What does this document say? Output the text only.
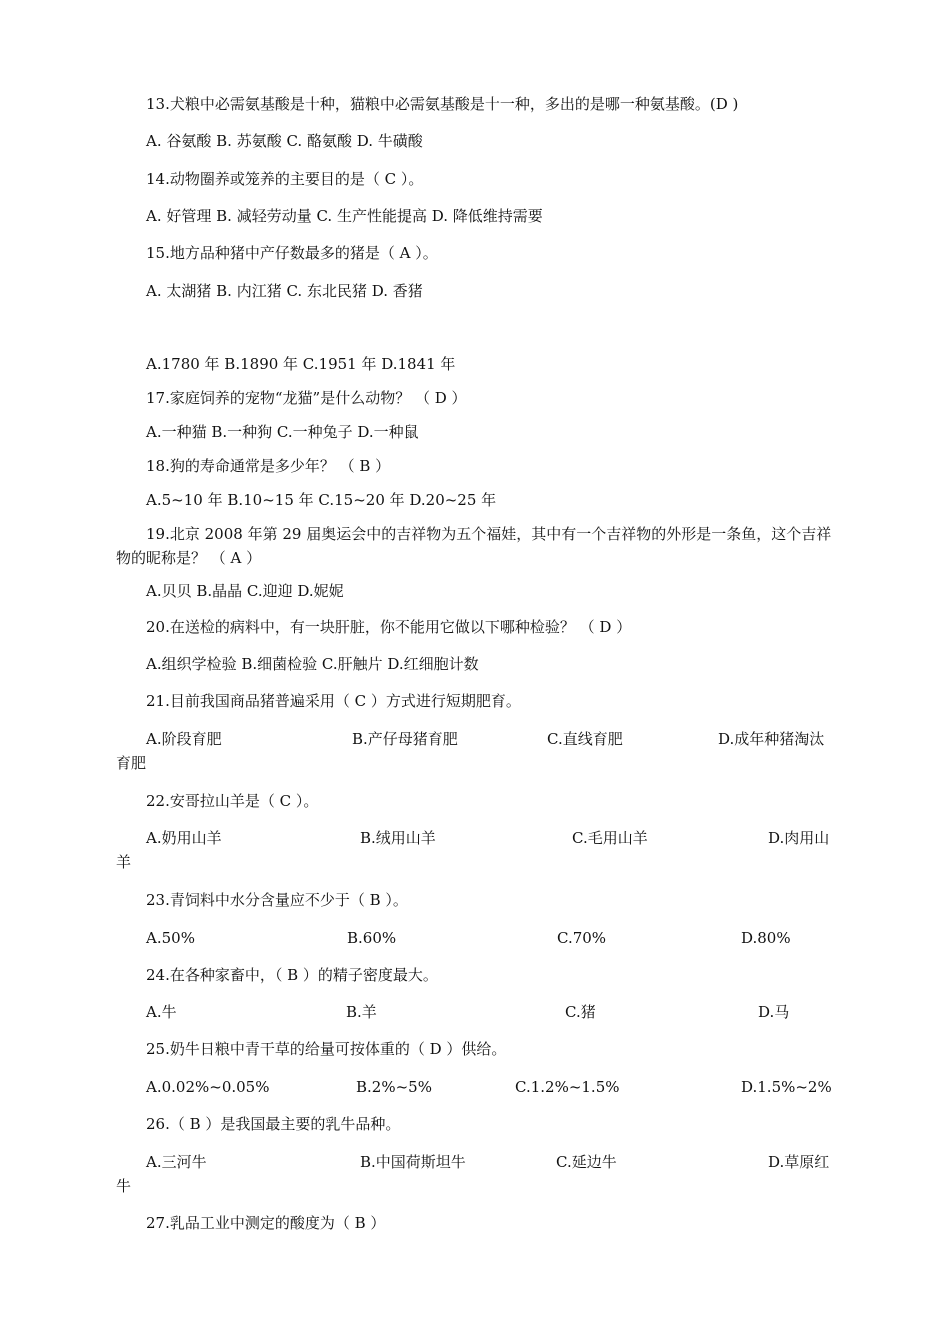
13.犬粮中必需氨基酸是十种，猫粮中必需氨基酸是十一种，多出的是哪一种氨基酸。(D )
A. 谷氨酸 B. 苏氨酸 C. 酪氨酸 D. 牛磺酸
14.动物圈养或笼养的主要目的是（ C ）。
A. 好管理 B. 减轻劳动量 C. 生产性能提高 D. 降低维持需要
15.地方品种猪中产仔数最多的猪是（ A ）。
A. 太湖猪 B. 内江猪 C. 东北民猪 D. 香猪
A.1780 年 B.1890 年 C.1951 年 D.1841 年
17.家庭饲养的宠物“龙猫”是什么动物？ （ D ）
A.一种猫 B.一种狗 C.一种兔子 D.一种鼠
18.狗的寿命通常是多少年？ （ B ）
A.5~10 年 B.10~15 年 C.15~20 年 D.20~25 年
19.北京 2008 年第 29 届奥运会中的吉祥物为五个福娃，其中有一个吉祥物的外形是一条鱼，这个吉祥物的昵称是？ （ A ）
A.贝贝 B.晶晶 C.迎迎 D.妮妮
20.在送检的病料中，有一块肝脏，你不能用它做以下哪种检验？ （ D ）
A.组织学检验 B.细菌检验 C.肝触片 D.红细胞计数
21.目前我国商品猪普遍采用（ C ）方式进行短期肥育。
A.阶段育肥	B.产仔母猪育肥	C.直线育肥	D.成年种猪淘汰
育肥
22.安哥拉山羊是（ C ）。
A.奶用山羊	B.绒用山羊	C.毛用山羊	D.肉用山
羊
23.青饲料中水分含量应不少于（ B ）。
A.50%	B.60%	C.70%	D.80%
24.在各种家畜中，（ B ）的精子密度最大。
A.牛	B.羊	C.猪	D.马
25.奶牛日粮中青干草的给量可按体重的（ D ）供给。
A.0.02%~0.05%	B.2%~5%	C.1.2%~1.5%	D.1.5%~2%
26.（ B ）是我国最主要的乳牛品种。
A.三河牛	B.中国荷斯坦牛	C.延边牛	D.草原红
牛
27.乳品工业中测定的酸度为（ B ）
